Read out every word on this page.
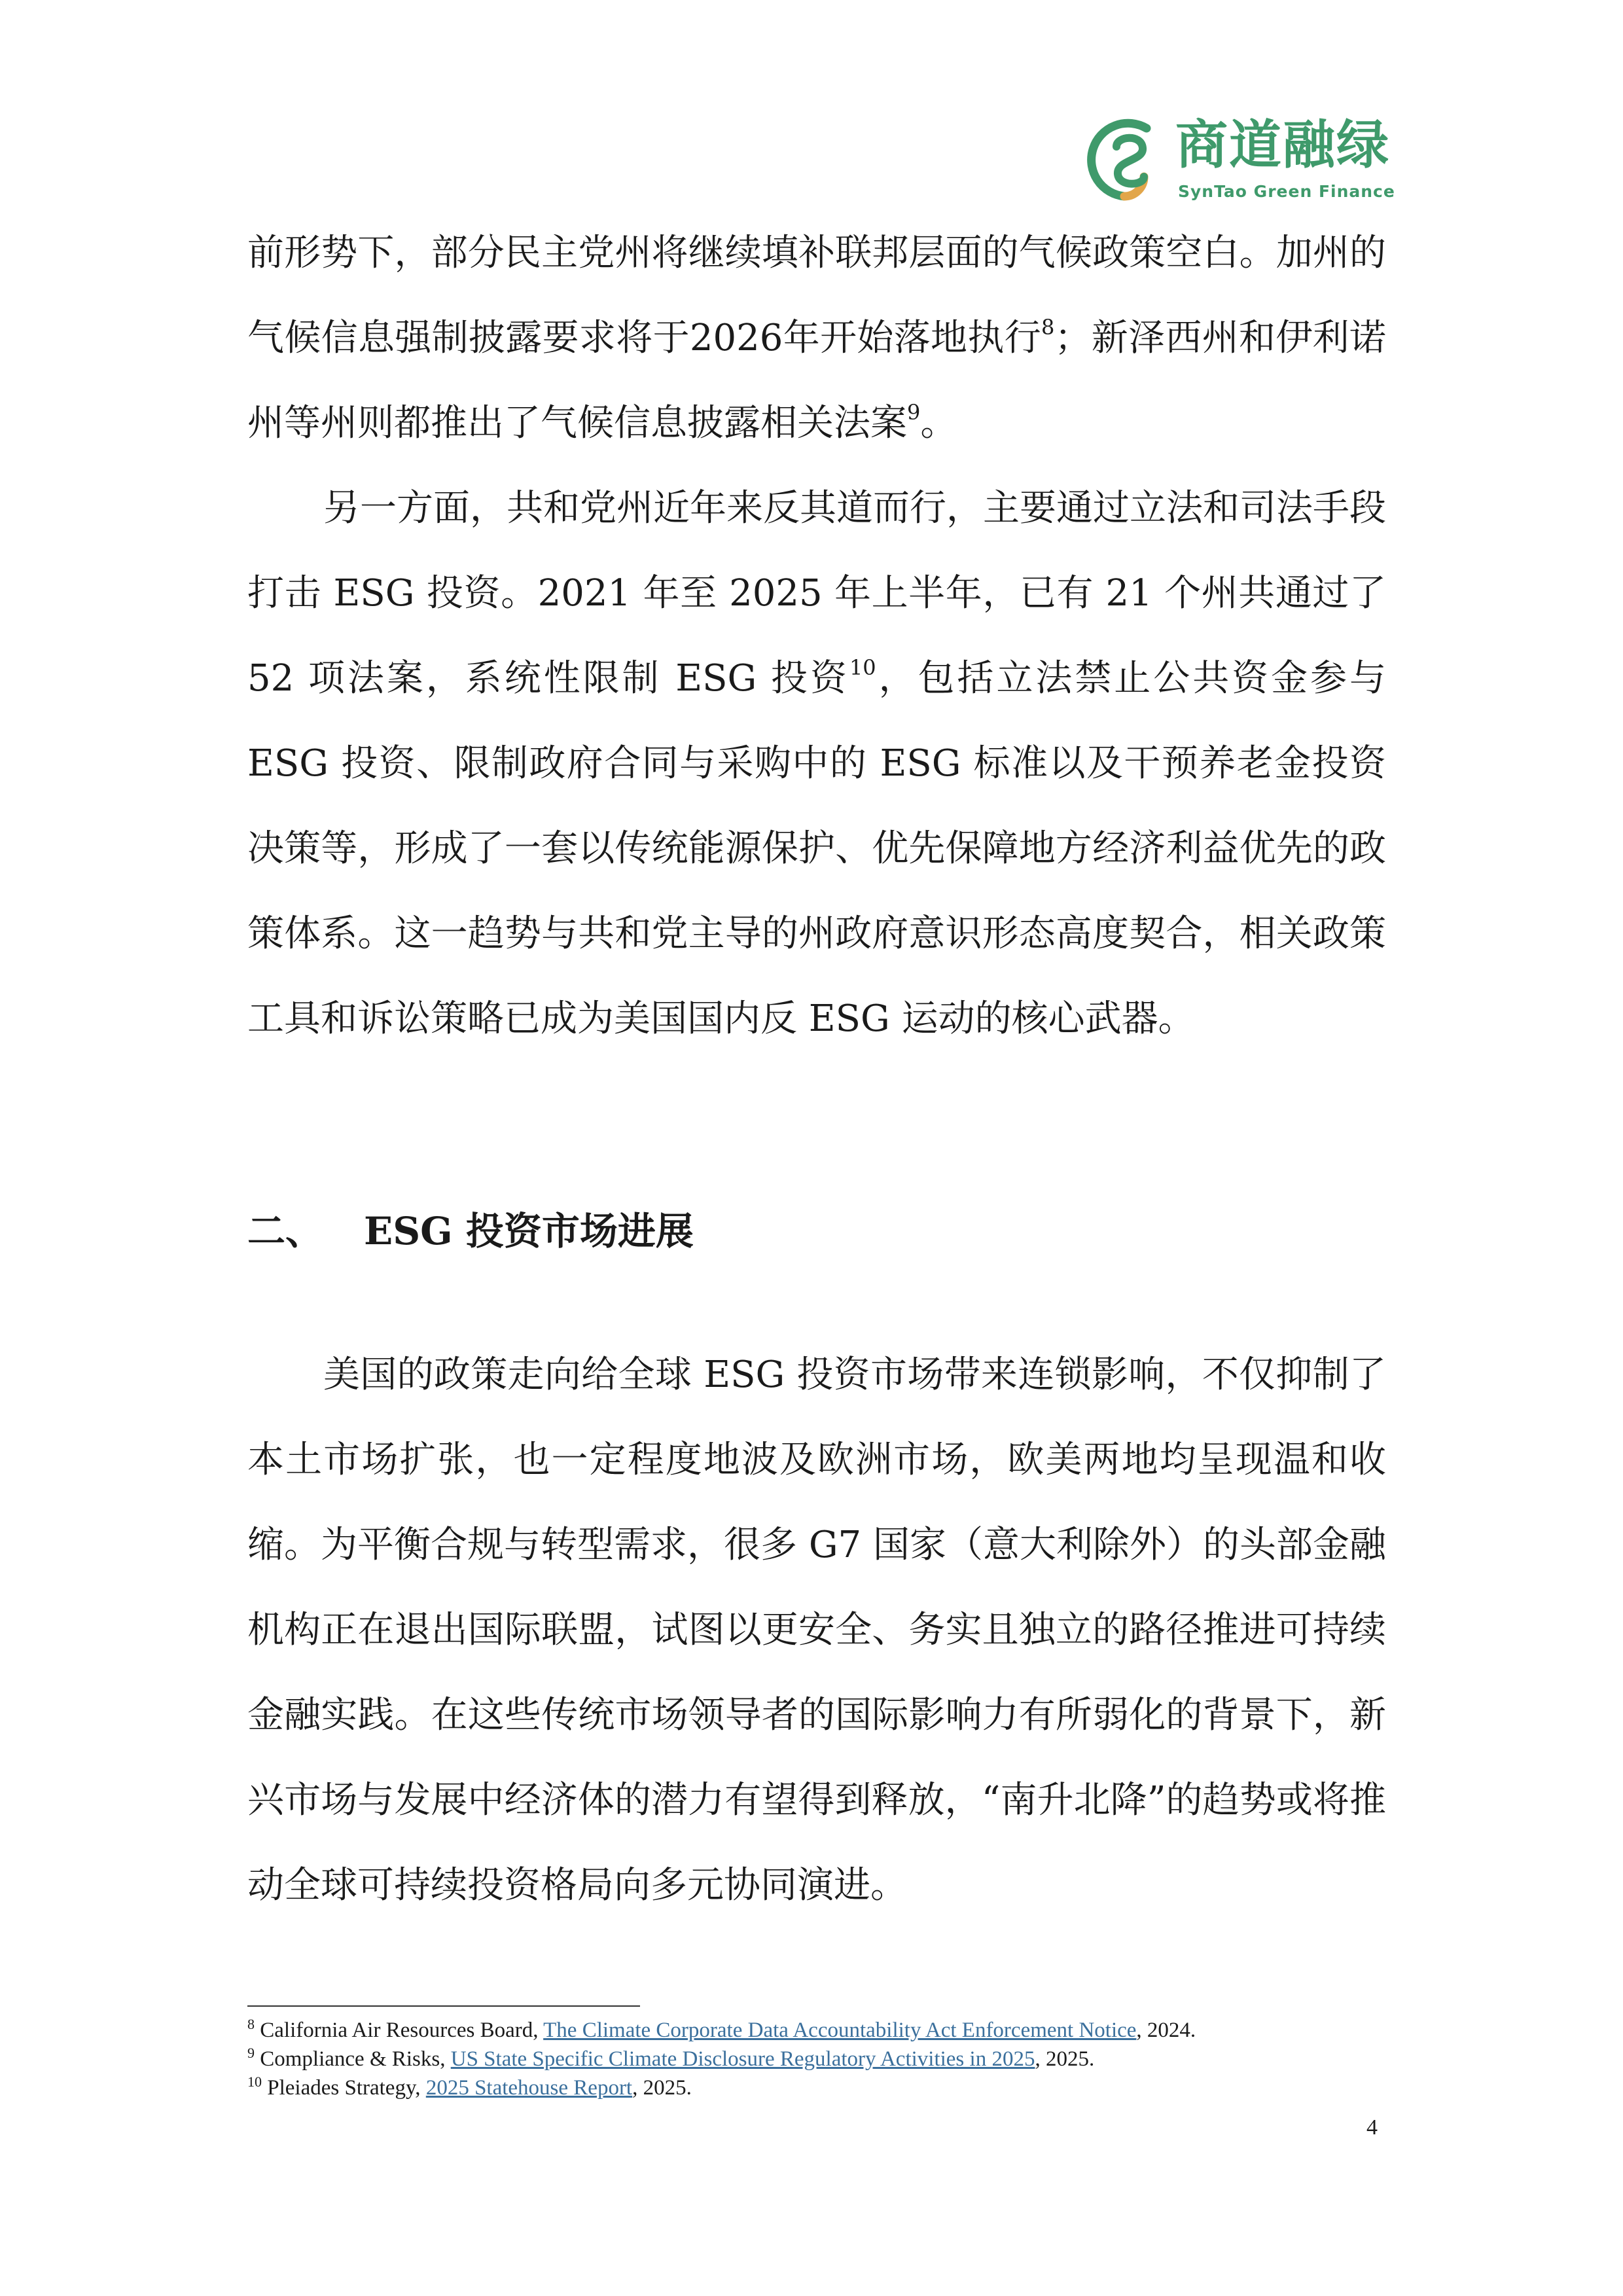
商道融绿
SynTao Green Finance

前形势下，部分民主党州将继续填补联邦层面的气候政策空白。加州的气候信息强制披露要求将于2026年开始落地执行$^8$；新泽西州和伊利诺州等州则都推出了气候信息披露相关法案$^9$。

另一方面，共和党州近年来反其道而行，主要通过立法和司法手段打击 ESG 投资。2021 年至 2025 年上半年，已有 21 个州共通过了 52 项法案，系统性限制 ESG 投资$^{10}$，包括立法禁止公共资金参与 ESG 投资、限制政府合同与采购中的 ESG 标准以及干预养老金投资决策等，形成了一套以传统能源保护、优先保障地方经济利益优先的政策体系。这一趋势与共和党主导的州政府意识形态高度契合，相关政策工具和诉讼策略已成为美国国内反 ESG 运动的核心武器。

二、 ESG 投资市场进展

美国的政策走向给全球 ESG 投资市场带来连锁影响，不仅抑制了本土市场扩张，也一定程度地波及欧洲市场，欧美两地均呈现温和收缩。为平衡合规与转型需求，很多 G7 国家（意大利除外）的头部金融机构正在退出国际联盟，试图以更安全、务实且独立的路径推进可持续金融实践。在这些传统市场领导者的国际影响力有所弱化的背景下，新兴市场与发展中经济体的潜力有望得到释放，“南升北降”的趋势或将推动全球可持续投资格局向多元协同演进。

$^8$ California Air Resources Board, The Climate Corporate Data Accountability Act Enforcement Notice, 2024.
$^9$ Compliance & Risks, US State Specific Climate Disclosure Regulatory Activities in 2025, 2025.
$^{10}$ Pleiades Strategy, 2025 Statehouse Report, 2025.
4
